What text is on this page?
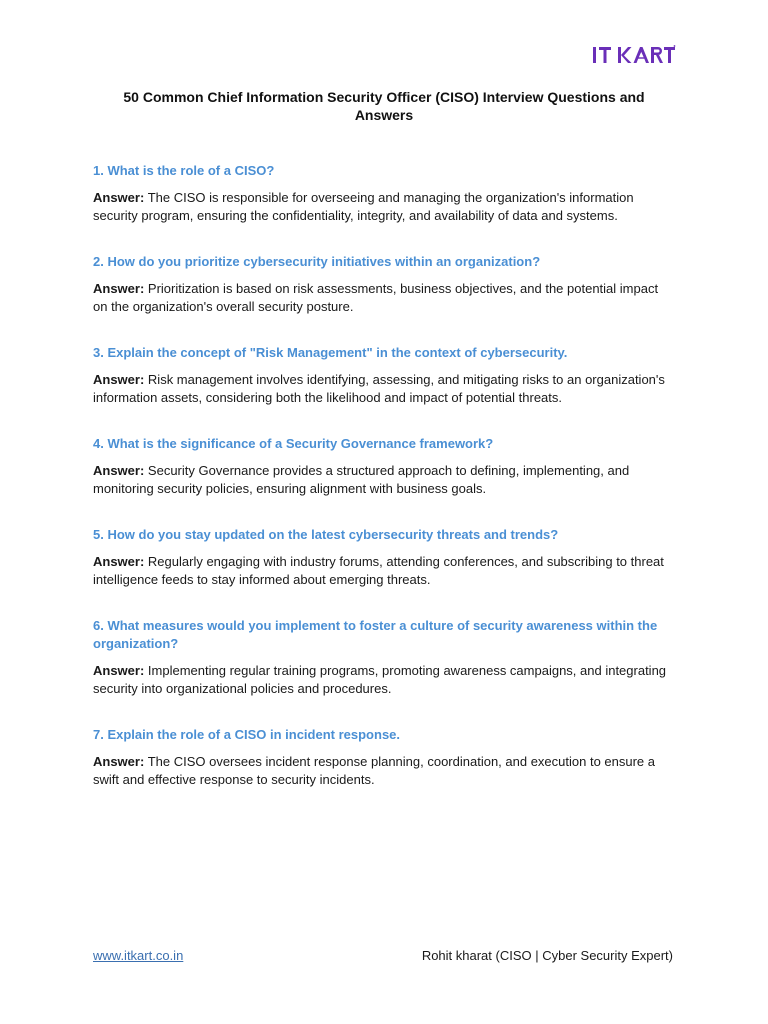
50 Common Chief Information Security Officer (CISO) Interview Questions and Answers

1. What is the role of a CISO?

Answer: The CISO is responsible for overseeing and managing the organization's information security program, ensuring the confidentiality, integrity, and availability of data and systems.

2. How do you prioritize cybersecurity initiatives within an organization?

Answer: Prioritization is based on risk assessments, business objectives, and the potential impact on the organization's overall security posture.

3. Explain the concept of "Risk Management" in the context of cybersecurity.

Answer: Risk management involves identifying, assessing, and mitigating risks to an organization's information assets, considering both the likelihood and impact of potential threats.

4. What is the significance of a Security Governance framework?

Answer: Security Governance provides a structured approach to defining, implementing, and monitoring security policies, ensuring alignment with business goals.

5. How do you stay updated on the latest cybersecurity threats and trends?

Answer: Regularly engaging with industry forums, attending conferences, and subscribing to threat intelligence feeds to stay informed about emerging threats.

6. What measures would you implement to foster a culture of security awareness within the organization?

Answer: Implementing regular training programs, promoting awareness campaigns, and integrating security into organizational policies and procedures.

7. Explain the role of a CISO in incident response.

Answer: The CISO oversees incident response planning, coordination, and execution to ensure a swift and effective response to security incidents.

www.itkart.co.in	Rohit kharat (CISO | Cyber Security Expert)
